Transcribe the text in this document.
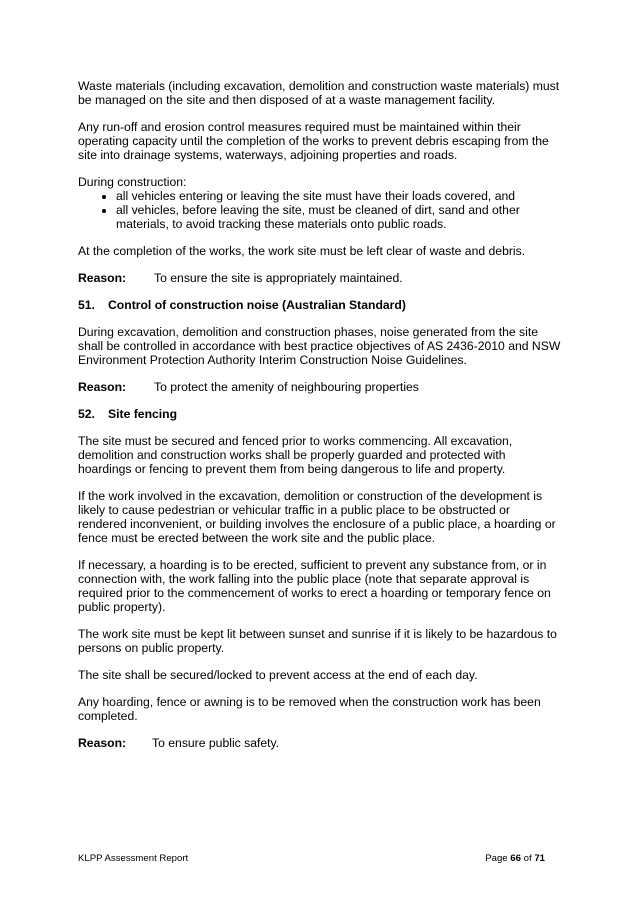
Waste materials (including excavation, demolition and construction waste materials) must be managed on the site and then disposed of at a waste management facility.

Any run-off and erosion control measures required must be maintained within their operating capacity until the completion of the works to prevent debris escaping from the site into drainage systems, waterways, adjoining properties and roads.

During construction:

• all vehicles entering or leaving the site must have their loads covered, and
• all vehicles, before leaving the site, must be cleaned of dirt, sand and other materials, to avoid tracking these materials onto public roads.

At the completion of the works, the work site must be left clear of waste and debris.

Reason:	To ensure the site is appropriately maintained.
51.	Control of construction noise (Australian Standard)

During excavation, demolition and construction phases, noise generated from the site shall be controlled in accordance with best practice objectives of AS 2436-2010 and NSW Environment Protection Authority Interim Construction Noise Guidelines.

Reason:	To protect the amenity of neighbouring properties
52.	Site fencing

The site must be secured and fenced prior to works commencing. All excavation, demolition and construction works shall be properly guarded and protected with hoardings or fencing to prevent them from being dangerous to life and property.

If the work involved in the excavation, demolition or construction of the development is likely to cause pedestrian or vehicular traffic in a public place to be obstructed or rendered inconvenient, or building involves the enclosure of a public place, a hoarding or fence must be erected between the work site and the public place.

If necessary, a hoarding is to be erected, sufficient to prevent any substance from, or in connection with, the work falling into the public place (note that separate approval is required prior to the commencement of works to erect a hoarding or temporary fence on public property).

The work site must be kept lit between sunset and sunrise if it is likely to be hazardous to persons on public property.

The site shall be secured/locked to prevent access at the end of each day.

Any hoarding, fence or awning is to be removed when the construction work has been completed.

Reason:	To ensure public safety.
KLPP Assessment Report	Page 66 of 71
